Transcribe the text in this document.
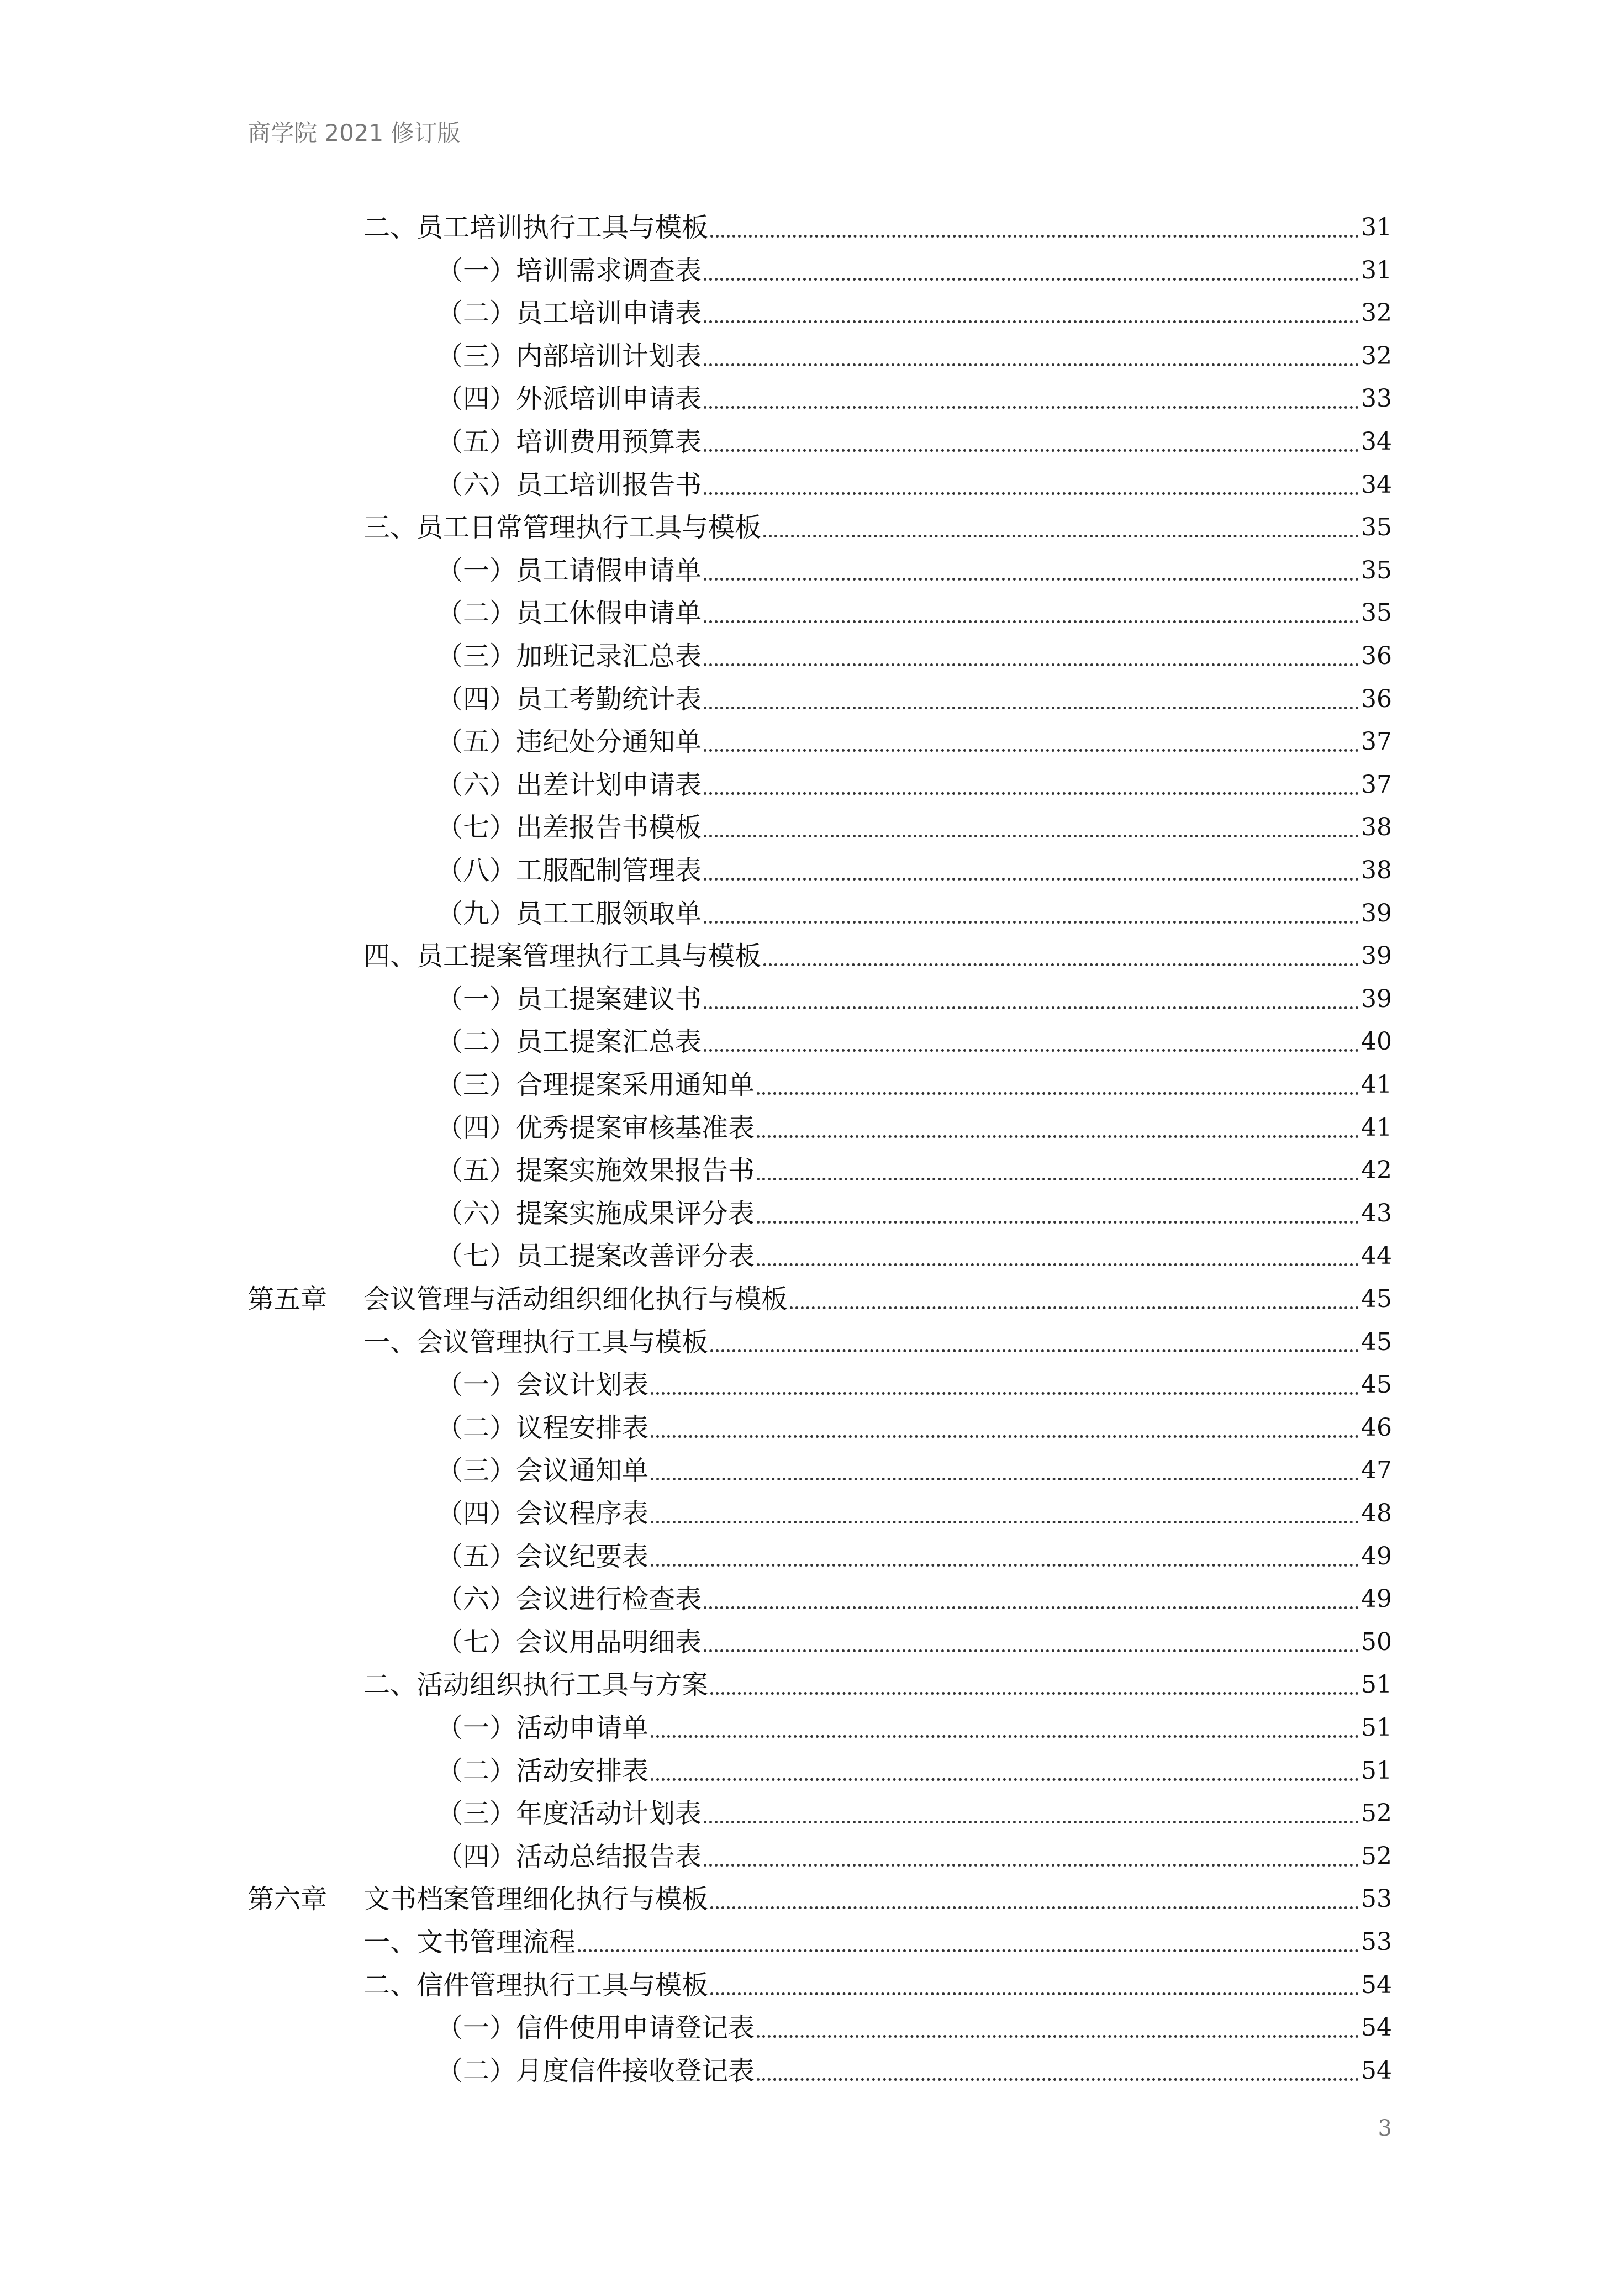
商学院 2021 修订版
二、员工培训执行工具与模板	31
（一）培训需求调查表	31
（二）员工培训申请表	32
（三）内部培训计划表	32
（四）外派培训申请表	33
（五）培训费用预算表	34
（六）员工培训报告书	34
三、员工日常管理执行工具与模板	35
（一）员工请假申请单	35
（二）员工休假申请单	35
（三）加班记录汇总表	36
（四）员工考勤统计表	36
（五）违纪处分通知单	37
（六）出差计划申请表	37
（七）出差报告书模板	38
（八）工服配制管理表	38
（九）员工工服领取单	39
四、员工提案管理执行工具与模板	39
（一）员工提案建议书	39
（二）员工提案汇总表	40
（三）合理提案采用通知单	41
（四）优秀提案审核基准表	41
（五）提案实施效果报告书	42
（六）提案实施成果评分表	43
（七）员工提案改善评分表	44
第五章	会议管理与活动组织细化执行与模板	45
一、会议管理执行工具与模板	45
（一）会议计划表	45
（二）议程安排表	46
（三）会议通知单	47
（四）会议程序表	48
（五）会议纪要表	49
（六）会议进行检查表	49
（七）会议用品明细表	50
二、活动组织执行工具与方案	51
（一）活动申请单	51
（二）活动安排表	51
（三）年度活动计划表	52
（四）活动总结报告表	52
第六章	文书档案管理细化执行与模板	53
一、文书管理流程	53
二、信件管理执行工具与模板	54
（一）信件使用申请登记表	54
（二）月度信件接收登记表	54
3
